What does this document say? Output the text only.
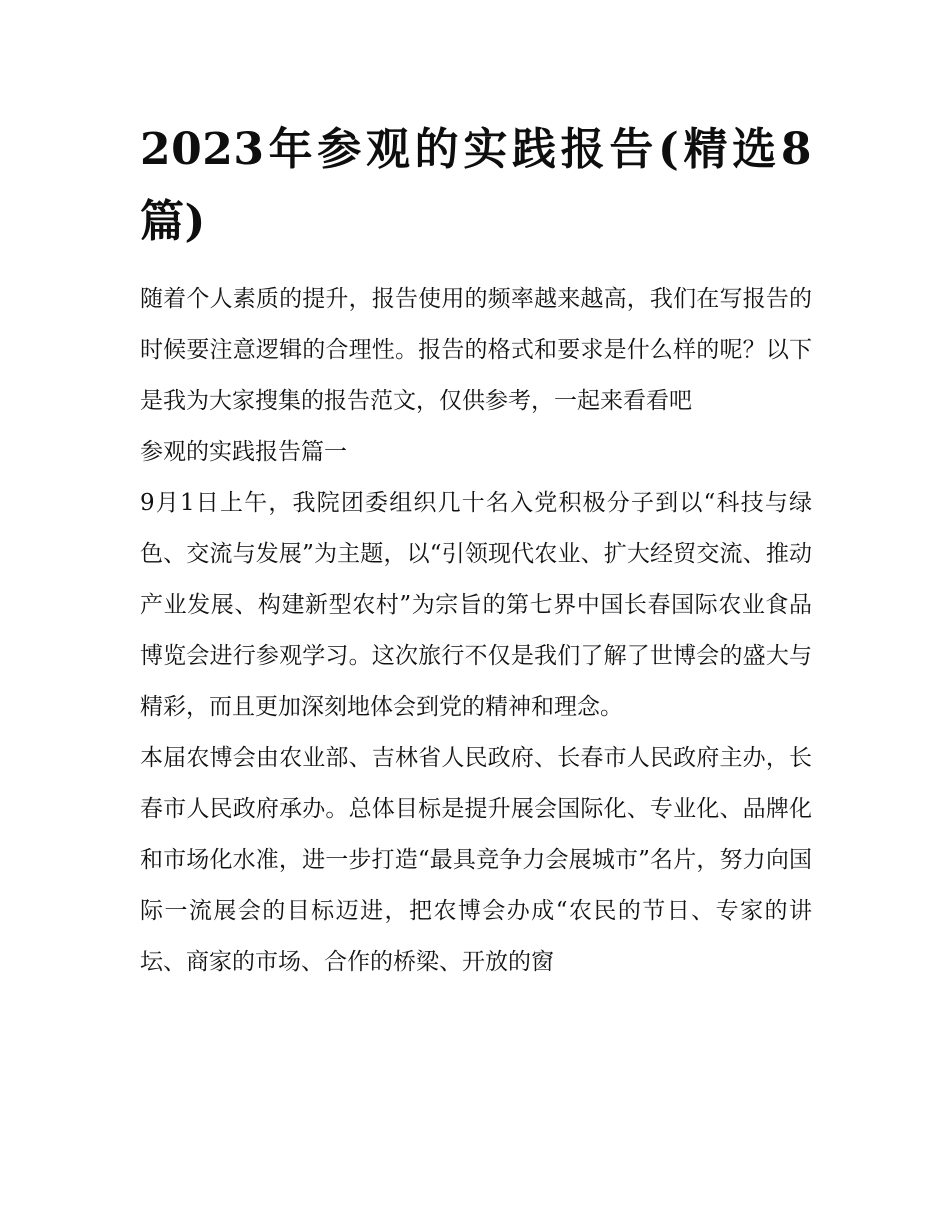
2023年参观的实践报告(精选8篇)

随着个人素质的提升，报告使用的频率越来越高，我们在写报告的时候要注意逻辑的合理性。报告的格式和要求是什么样的呢？以下是我为大家搜集的报告范文，仅供参考，一起来看看吧

参观的实践报告篇一

9月1日上午，我院团委组织几十名入党积极分子到以“科技与绿色、交流与发展”为主题，以“引领现代农业、扩大经贸交流、推动产业发展、构建新型农村”为宗旨的第七界中国长春国际农业食品博览会进行参观学习。这次旅行不仅是我们了解了世博会的盛大与精彩，而且更加深刻地体会到党的精神和理念。

本届农博会由农业部、吉林省人民政府、长春市人民政府主办，长春市人民政府承办。总体目标是提升展会国际化、专业化、品牌化和市场化水准，进一步打造“最具竞争力会展城市”名片，努力向国际一流展会的目标迈进，把农博会办成“农民的节日、专家的讲坛、商家的市场、合作的桥梁、开放的窗
